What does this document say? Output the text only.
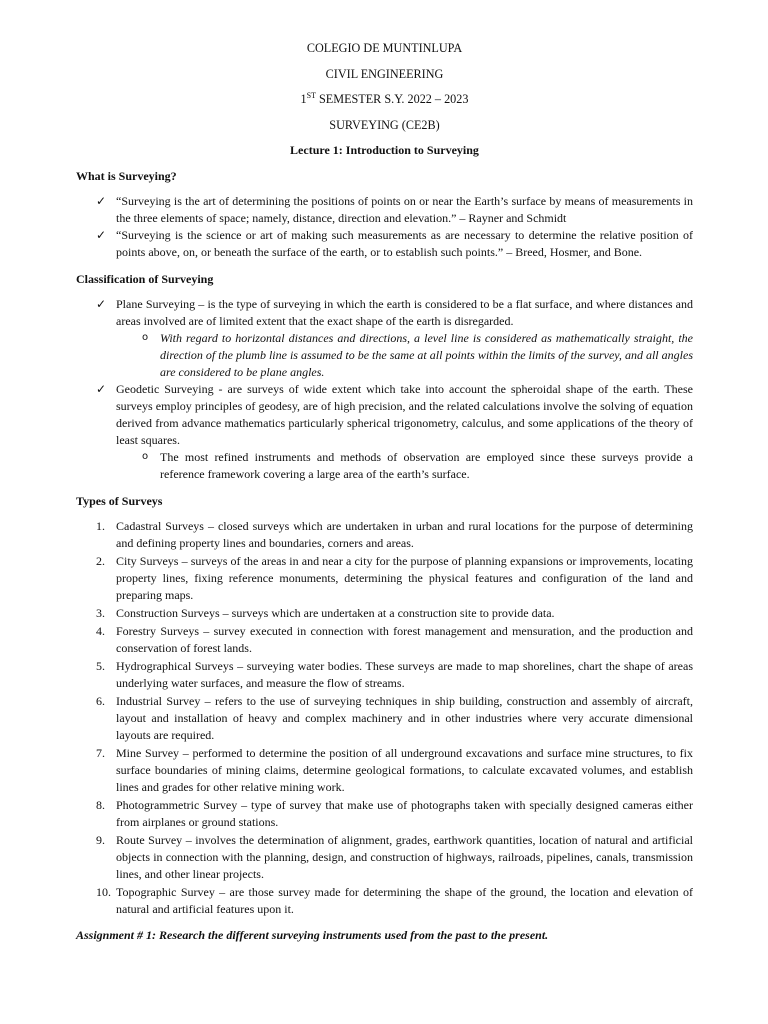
COLEGIO DE MUNTINLUPA
CIVIL ENGINEERING
1ST SEMESTER S.Y. 2022 – 2023
SURVEYING (CE2B)
Lecture 1: Introduction to Surveying
What is Surveying?
✓ “Surveying is the art of determining the positions of points on or near the Earth’s surface by means of measurements in the three elements of space; namely, distance, direction and elevation.” – Rayner and Schmidt
✓ “Surveying is the science or art of making such measurements as are necessary to determine the relative position of points above, on, or beneath the surface of the earth, or to establish such points.” – Breed, Hosmer, and Bone.
Classification of Surveying
✓ Plane Surveying – is the type of surveying in which the earth is considered to be a flat surface, and where distances and areas involved are of limited extent that the exact shape of the earth is disregarded.
o With regard to horizontal distances and directions, a level line is considered as mathematically straight, the direction of the plumb line is assumed to be the same at all points within the limits of the survey, and all angles are considered to be plane angles.
✓ Geodetic Surveying - are surveys of wide extent which take into account the spheroidal shape of the earth. These surveys employ principles of geodesy, are of high precision, and the related calculations involve the solving of equation derived from advance mathematics particularly spherical trigonometry, calculus, and some applications of the theory of least squares.
o The most refined instruments and methods of observation are employed since these surveys provide a reference framework covering a large area of the earth’s surface.
Types of Surveys
1. Cadastral Surveys – closed surveys which are undertaken in urban and rural locations for the purpose of determining and defining property lines and boundaries, corners and areas.
2. City Surveys – surveys of the areas in and near a city for the purpose of planning expansions or improvements, locating property lines, fixing reference monuments, determining the physical features and configuration of the land and preparing maps.
3. Construction Surveys – surveys which are undertaken at a construction site to provide data.
4. Forestry Surveys – survey executed in connection with forest management and mensuration, and the production and conservation of forest lands.
5. Hydrographical Surveys – surveying water bodies. These surveys are made to map shorelines, chart the shape of areas underlying water surfaces, and measure the flow of streams.
6. Industrial Survey – refers to the use of surveying techniques in ship building, construction and assembly of aircraft, layout and installation of heavy and complex machinery and in other industries where very accurate dimensional layouts are required.
7. Mine Survey – performed to determine the position of all underground excavations and surface mine structures, to fix surface boundaries of mining claims, determine geological formations, to calculate excavated volumes, and establish lines and grades for other relative mining work.
8. Photogrammetric Survey – type of survey that make use of photographs taken with specially designed cameras either from airplanes or ground stations.
9. Route Survey – involves the determination of alignment, grades, earthwork quantities, location of natural and artificial objects in connection with the planning, design, and construction of highways, railroads, pipelines, canals, transmission lines, and other linear projects.
10. Topographic Survey – are those survey made for determining the shape of the ground, the location and elevation of natural and artificial features upon it.
Assignment # 1: Research the different surveying instruments used from the past to the present.
